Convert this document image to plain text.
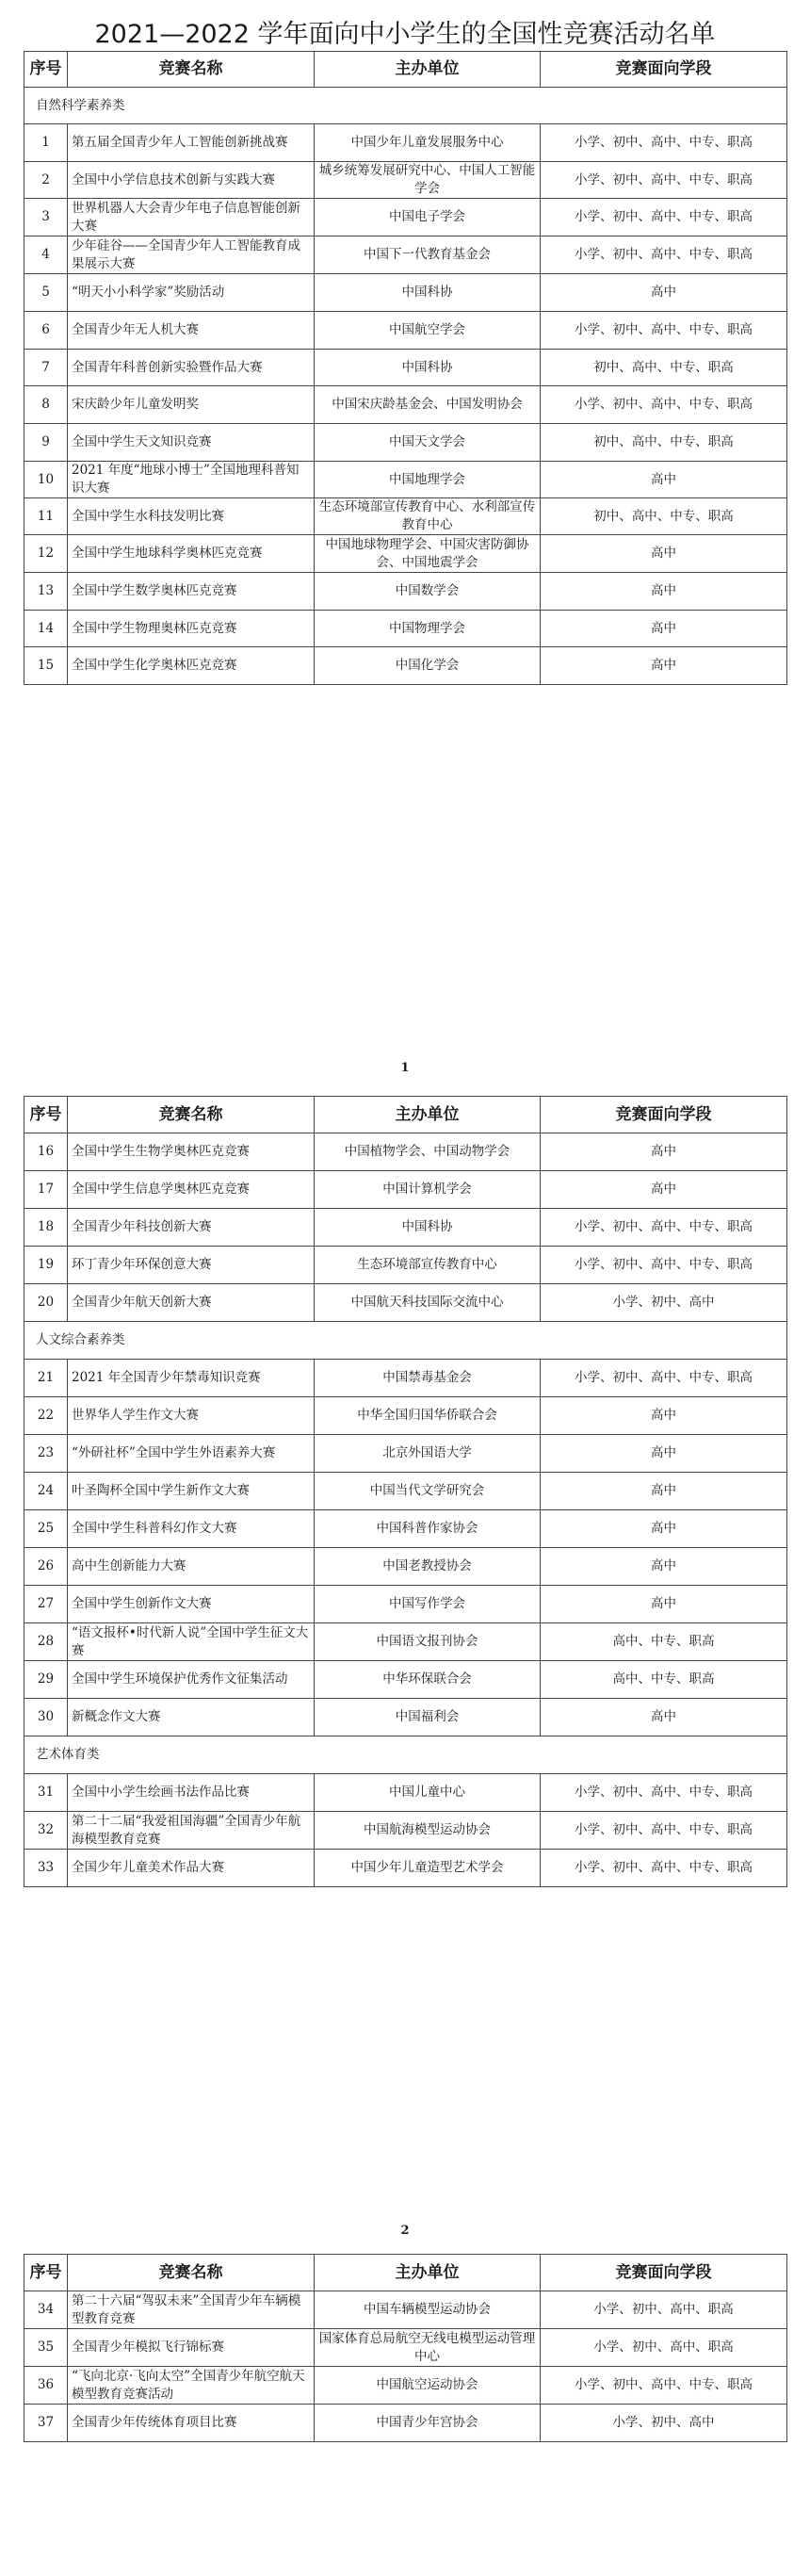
2021—2022 学年面向中小学生的全国性竞赛活动名单
序号	竞赛名称	主办单位	竞赛面向学段
自然科学素养类			
1	第五届全国青少年人工智能创新挑战赛	中国少年儿童发展服务中心	小学、初中、高中、中专、职高
2	全国中小学信息技术创新与实践大赛	城乡统筹发展研究中心、中国人工智能学会	小学、初中、高中、中专、职高
3	世界机器人大会青少年电子信息智能创新大赛	中国电子学会	小学、初中、高中、中专、职高
4	少年硅谷——全国青少年人工智能教育成果展示大赛	中国下一代教育基金会	小学、初中、高中、中专、职高
5	“明天小小科学家”奖励活动	中国科协	高中
6	全国青少年无人机大赛	中国航空学会	小学、初中、高中、中专、职高
7	全国青年科普创新实验暨作品大赛	中国科协	初中、高中、中专、职高
8	宋庆龄少年儿童发明奖	中国宋庆龄基金会、中国发明协会	小学、初中、高中、中专、职高
9	全国中学生天文知识竞赛	中国天文学会	初中、高中、中专、职高
10	2021 年度“地球小博士”全国地理科普知识大赛	中国地理学会	高中
11	全国中学生水科技发明比赛	生态环境部宣传教育中心、水利部宣传教育中心	初中、高中、中专、职高
12	全国中学生地球科学奥林匹克竞赛	中国地球物理学会、中国灾害防御协会、中国地震学会	高中
13	全国中学生数学奥林匹克竞赛	中国数学会	高中
14	全国中学生物理奥林匹克竞赛	中国物理学会	高中
15	全国中学生化学奥林匹克竞赛	中国化学会	高中
1
序号	竞赛名称	主办单位	竞赛面向学段
16	全国中学生生物学奥林匹克竞赛	中国植物学会、中国动物学会	高中
17	全国中学生信息学奥林匹克竞赛	中国计算机学会	高中
18	全国青少年科技创新大赛	中国科协	小学、初中、高中、中专、职高
19	环丁青少年环保创意大赛	生态环境部宣传教育中心	小学、初中、高中、中专、职高
20	全国青少年航天创新大赛	中国航天科技国际交流中心	小学、初中、高中
人文综合素养类			
21	2021 年全国青少年禁毒知识竞赛	中国禁毒基金会	小学、初中、高中、中专、职高
22	世界华人学生作文大赛	中华全国归国华侨联合会	高中
23	“外研社杯”全国中学生外语素养大赛	北京外国语大学	高中
24	叶圣陶杯全国中学生新作文大赛	中国当代文学研究会	高中
25	全国中学生科普科幻作文大赛	中国科普作家协会	高中
26	高中生创新能力大赛	中国老教授协会	高中
27	全国中学生创新作文大赛	中国写作学会	高中
28	“语文报杯•时代新人说”全国中学生征文大赛	中国语文报刊协会	高中、中专、职高
29	全国中学生环境保护优秀作文征集活动	中华环保联合会	高中、中专、职高
30	新概念作文大赛	中国福利会	高中
艺术体育类			
31	全国中小学生绘画书法作品比赛	中国儿童中心	小学、初中、高中、中专、职高
32	第二十二届“我爱祖国海疆”全国青少年航海模型教育竞赛	中国航海模型运动协会	小学、初中、高中、中专、职高
33	全国少年儿童美术作品大赛	中国少年儿童造型艺术学会	小学、初中、高中、中专、职高
2
序号	竞赛名称	主办单位	竞赛面向学段
34	第二十六届“驾驭未来”全国青少年车辆模型教育竞赛	中国车辆模型运动协会	小学、初中、高中、职高
35	全国青少年模拟飞行锦标赛	国家体育总局航空无线电模型运动管理中心	小学、初中、高中、职高
36	“飞向北京·飞向太空”全国青少年航空航天模型教育竞赛活动	中国航空运动协会	小学、初中、高中、中专、职高
37	全国青少年传统体育项目比赛	中国青少年宫协会	小学、初中、高中
